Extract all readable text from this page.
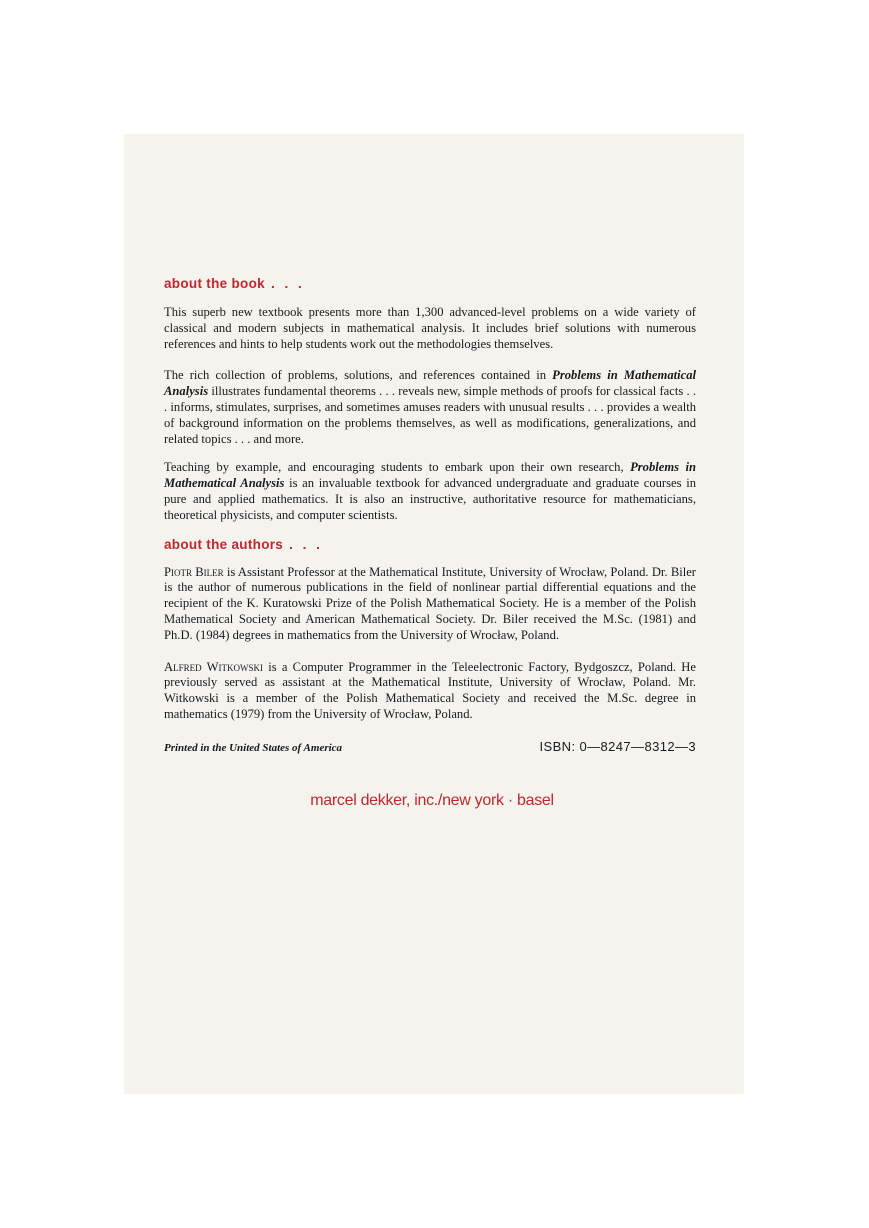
about the book . . .

This superb new textbook presents more than 1,300 advanced-level problems on a wide variety of classical and modern subjects in mathematical analysis. It includes brief solutions with numerous references and hints to help students work out the methodologies themselves.

The rich collection of problems, solutions, and references contained in Problems in Mathematical Analysis illustrates fundamental theorems . . . reveals new, simple methods of proofs for classical facts . . . informs, stimulates, surprises, and sometimes amuses readers with unusual results . . . provides a wealth of background information on the problems themselves, as well as modifications, generalizations, and related topics . . . and more.

Teaching by example, and encouraging students to embark upon their own research, Problems in Mathematical Analysis is an invaluable textbook for advanced undergraduate and graduate courses in pure and applied mathematics. It is also an instructive, authoritative resource for mathematicians, theoretical physicists, and computer scientists.

about the authors . . .

Piotr Biler is Assistant Professor at the Mathematical Institute, University of Wrocław, Poland. Dr. Biler is the author of numerous publications in the field of nonlinear partial differential equations and the recipient of the K. Kuratowski Prize of the Polish Mathematical Society. He is a member of the Polish Mathematical Society and American Mathematical Society. Dr. Biler received the M.Sc. (1981) and Ph.D. (1984) degrees in mathematics from the University of Wrocław, Poland.

Alfred Witkowski is a Computer Programmer in the Teleelectronic Factory, Bydgoszcz, Poland. He previously served as assistant at the Mathematical Institute, University of Wrocław, Poland. Mr. Witkowski is a member of the Polish Mathematical Society and received the M.Sc. degree in mathematics (1979) from the University of Wrocław, Poland.

Printed in the United States of America	ISBN: 0—8247—8312—3
marcel dekker, inc./new york · basel
